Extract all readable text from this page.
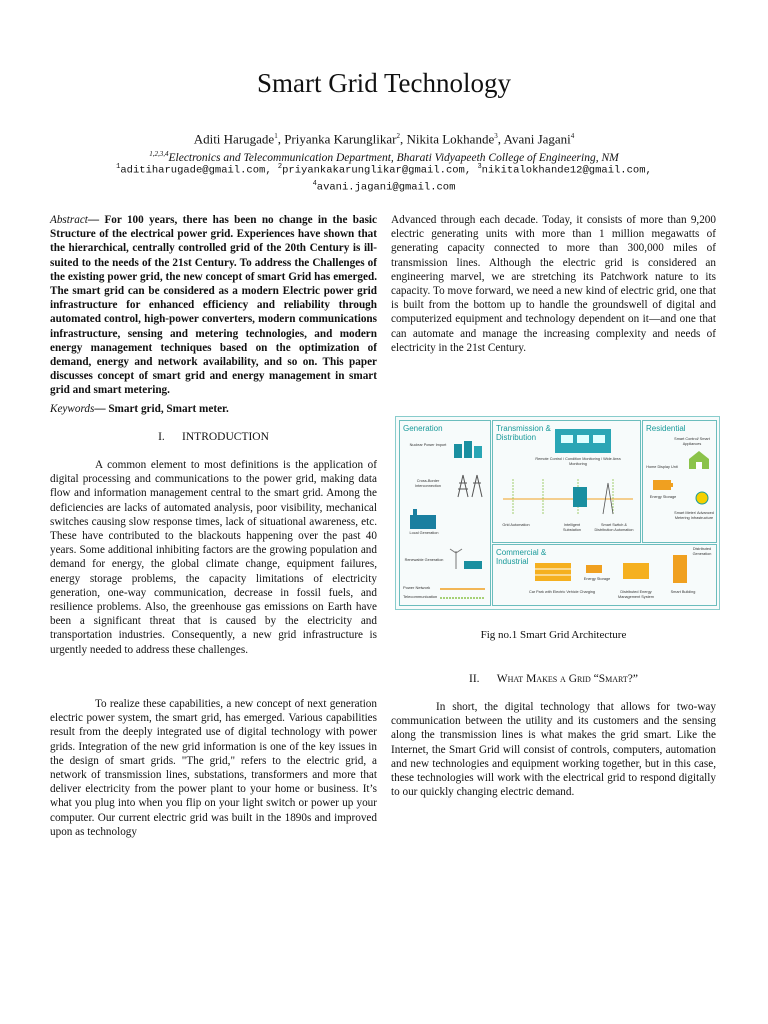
Smart Grid Technology
Aditi Harugade$^1$, Priyanka Karunglikar$^2$, Nikita Lokhande$^3$, Avani Jagani$^4$
$^{1,2,3,4}$Electronics and Telecommunication Department, Bharati Vidyapeeth College of Engineering, NM
$^1$aditiharugade@gmail.com, $^2$priyankakarunglikar@gmail.com, $^3$nikitalokhande12@gmail.com,
$^4$avani.jagani@gmail.com

Abstract— For 100 years, there has been no change in the basic Structure of the electrical power grid. Experiences have shown that the hierarchical, centrally controlled grid of the 20th Century is ill-suited to the needs of the 21st Century. To address the Challenges of the existing power grid, the new concept of smart Grid has emerged. The smart grid can be considered as a modern Electric power grid infrastructure for enhanced efficiency and reliability through automated control, high-power converters, modern communications infrastructure, sensing and metering technologies, and modern energy management techniques based on the optimization of demand, energy and network availability, and so on. This paper discusses concept of smart grid and energy management in smart grid and smart metering.

Keywords— Smart grid, Smart meter.

I. INTRODUCTION

A common element to most definitions is the application of digital processing and communications to the power grid, making data flow and information management central to the smart grid. Among the deficiencies are lacks of automated analysis, poor visibility, mechanical switches causing slow response times, lack of situational awareness, etc. These have contributed to the blackouts happening over the past 40 years. Some additional inhibiting factors are the growing population and demand for energy, the global climate change, equipment failures, energy storage problems, the capacity limitations of electricity generation, one-way communication, decrease in fossil fuels, and resilience problems. Also, the greenhouse gas emissions on Earth have been a significant threat that is caused by the electricity and transportation industries. Consequently, a new grid infrastructure is urgently needed to address these challenges.

To realize these capabilities, a new concept of next generation electric power system, the smart grid, has emerged. Various capabilities result from the deeply integrated use of digital technology with power grids. Integration of the new grid information is one of the key issues in the design of smart grids. "The grid," refers to the electric grid, a network of transmission lines, substations, transformers and more that deliver electricity from the power plant to your home or business. It’s what you plug into when you flip on your light switch or power up your computer. Our current electric grid was built in the 1890s and improved upon as technology

Advanced through each decade. Today, it consists of more than 9,200 electric generating units with more than 1 million megawatts of generating capacity connected to more than 300,000 miles of transmission lines. Although the electric grid is considered an engineering marvel, we are stretching its Patchwork nature to its capacity. To move forward, we need a new kind of electric grid, one that is built from the bottom up to handle the groundswell of digital and computerized equipment and technology dependent on it—and one that can automate and manage the increasing complexity and needs of electricity in the 21st Century.

Generation
Nuclear Power Import
Cross-Border Interconnection
Local Generation
Renewable Generation
Power Network
Telecommunication
Transmission &
Distribution
Remote Control / Condition Monitoring / Wide Area Monitoring
Grid Automation	Intelligent Substation
Smart Switch & Distribution Automation
Residential
Smart Control/ Smart Appliances
Home Display Unit
Energy Storage
Smart Meter/ Advanced Metering Infrastructure
Commercial &
Industrial
Energy Storage
Distributed Generation
Car Park with Electric Vehicle Charging	Distributed Energy Management System
Smart Building
Fig no.1 Smart Grid Architecture
II. What Makes a Grid “Smart?”

In short, the digital technology that allows for two-way communication between the utility and its customers and the sensing along the transmission lines is what makes the grid smart. Like the Internet, the Smart Grid will consist of controls, computers, automation and new technologies and equipment working together, but in this case, these technologies will work with the electrical grid to respond digitally to our quickly changing electric demand.
